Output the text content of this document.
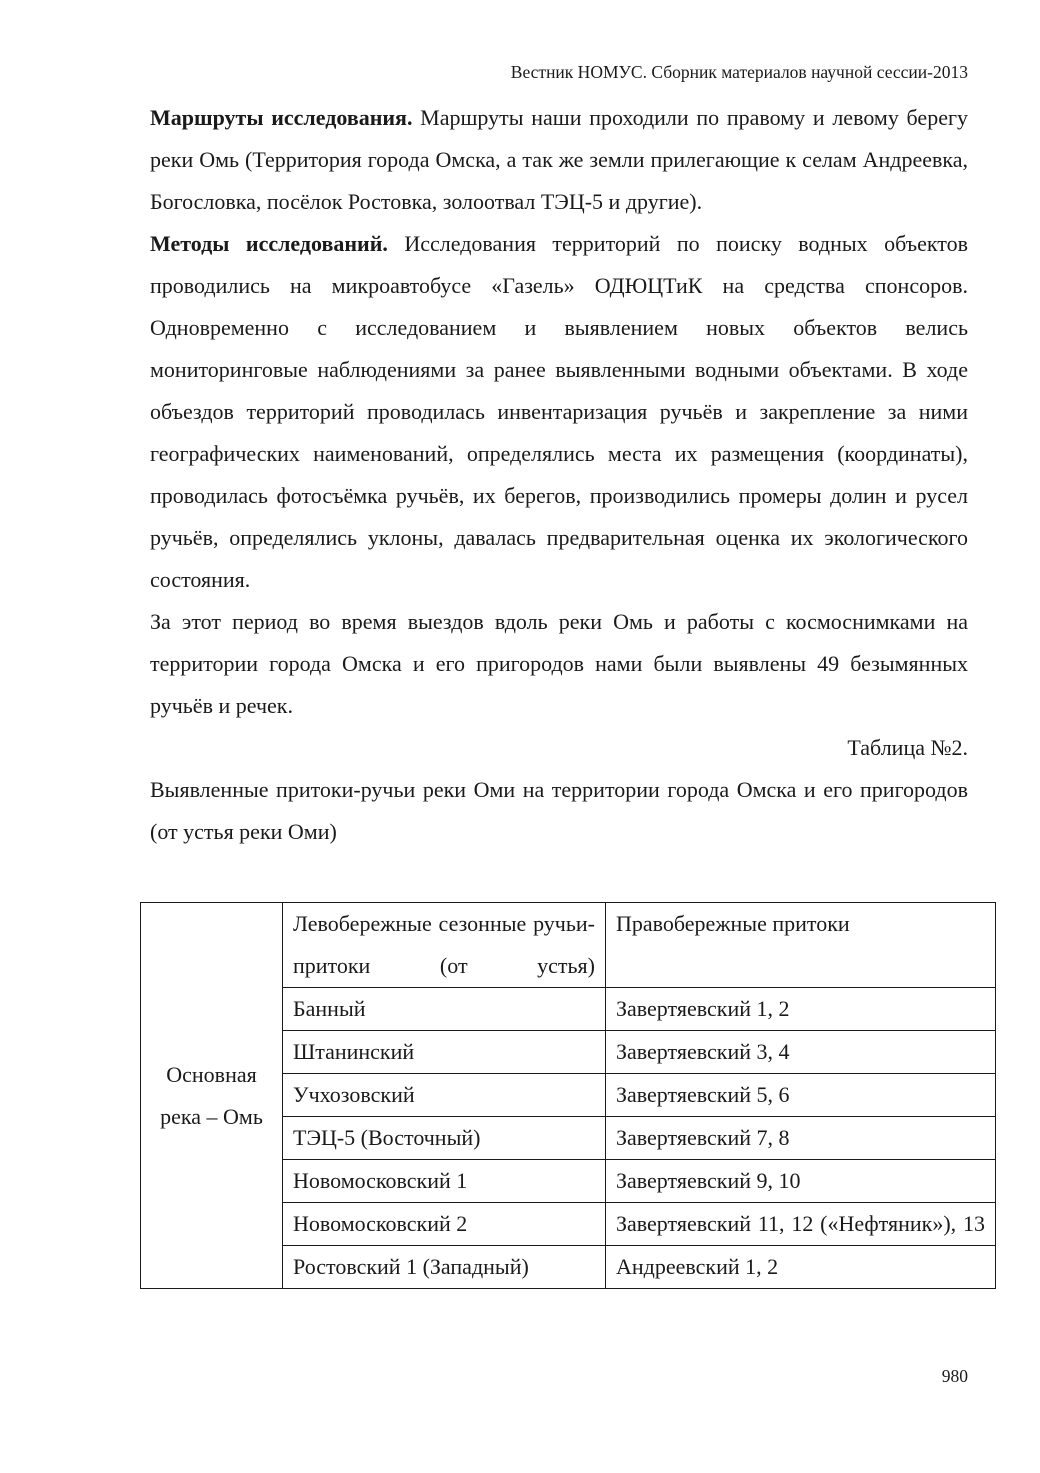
Вестник НОМУС. Сборник материалов научной сессии-2013

Маршруты исследования. Маршруты наши проходили по правому и левому берегу реки Омь (Территория города Омска, а так же земли прилегающие к селам Андреевка, Богословка, посёлок Ростовка, золоотвал ТЭЦ-5 и другие).

Методы исследований. Исследования территорий по поиску водных объектов проводились на микроавтобусе «Газель» ОДЮЦТиК на средства спонсоров. Одновременно с исследованием и выявлением новых объектов велись мониторинговые наблюдениями за ранее выявленными водными объектами. В ходе объездов территорий проводилась инвентаризация ручьёв и закрепление за ними географических наименований, определялись места их размещения (координаты), проводилась фотосъёмка ручьёв, их берегов, производились промеры долин и русел ручьёв, определялись уклоны, давалась предварительная оценка их экологического состояния.

За этот период во время выездов вдоль реки Омь и работы с космоснимками на территории города Омска и его пригородов нами были выявлены 49 безымянных ручьёв и речек.

Таблица №2.

Выявленные притоки-ручьи реки Оми на территории города Омска и его пригородов (от устья реки Оми)

Основная река – Омь	Левобережные сезонные ручьи-притоки (от устья)	Правобережные притоки
	Банный	Завертяевский 1, 2
	Штанинский	Завертяевский 3, 4
	Учхозовский	Завертяевский 5, 6
	ТЭЦ-5 (Восточный)	Завертяевский 7, 8
	Новомосковский 1	Завертяевский 9, 10
	Новомосковский 2	Завертяевский 11, 12 («Нефтяник»), 13
	Ростовский 1 (Западный)	Андреевский 1, 2
980
